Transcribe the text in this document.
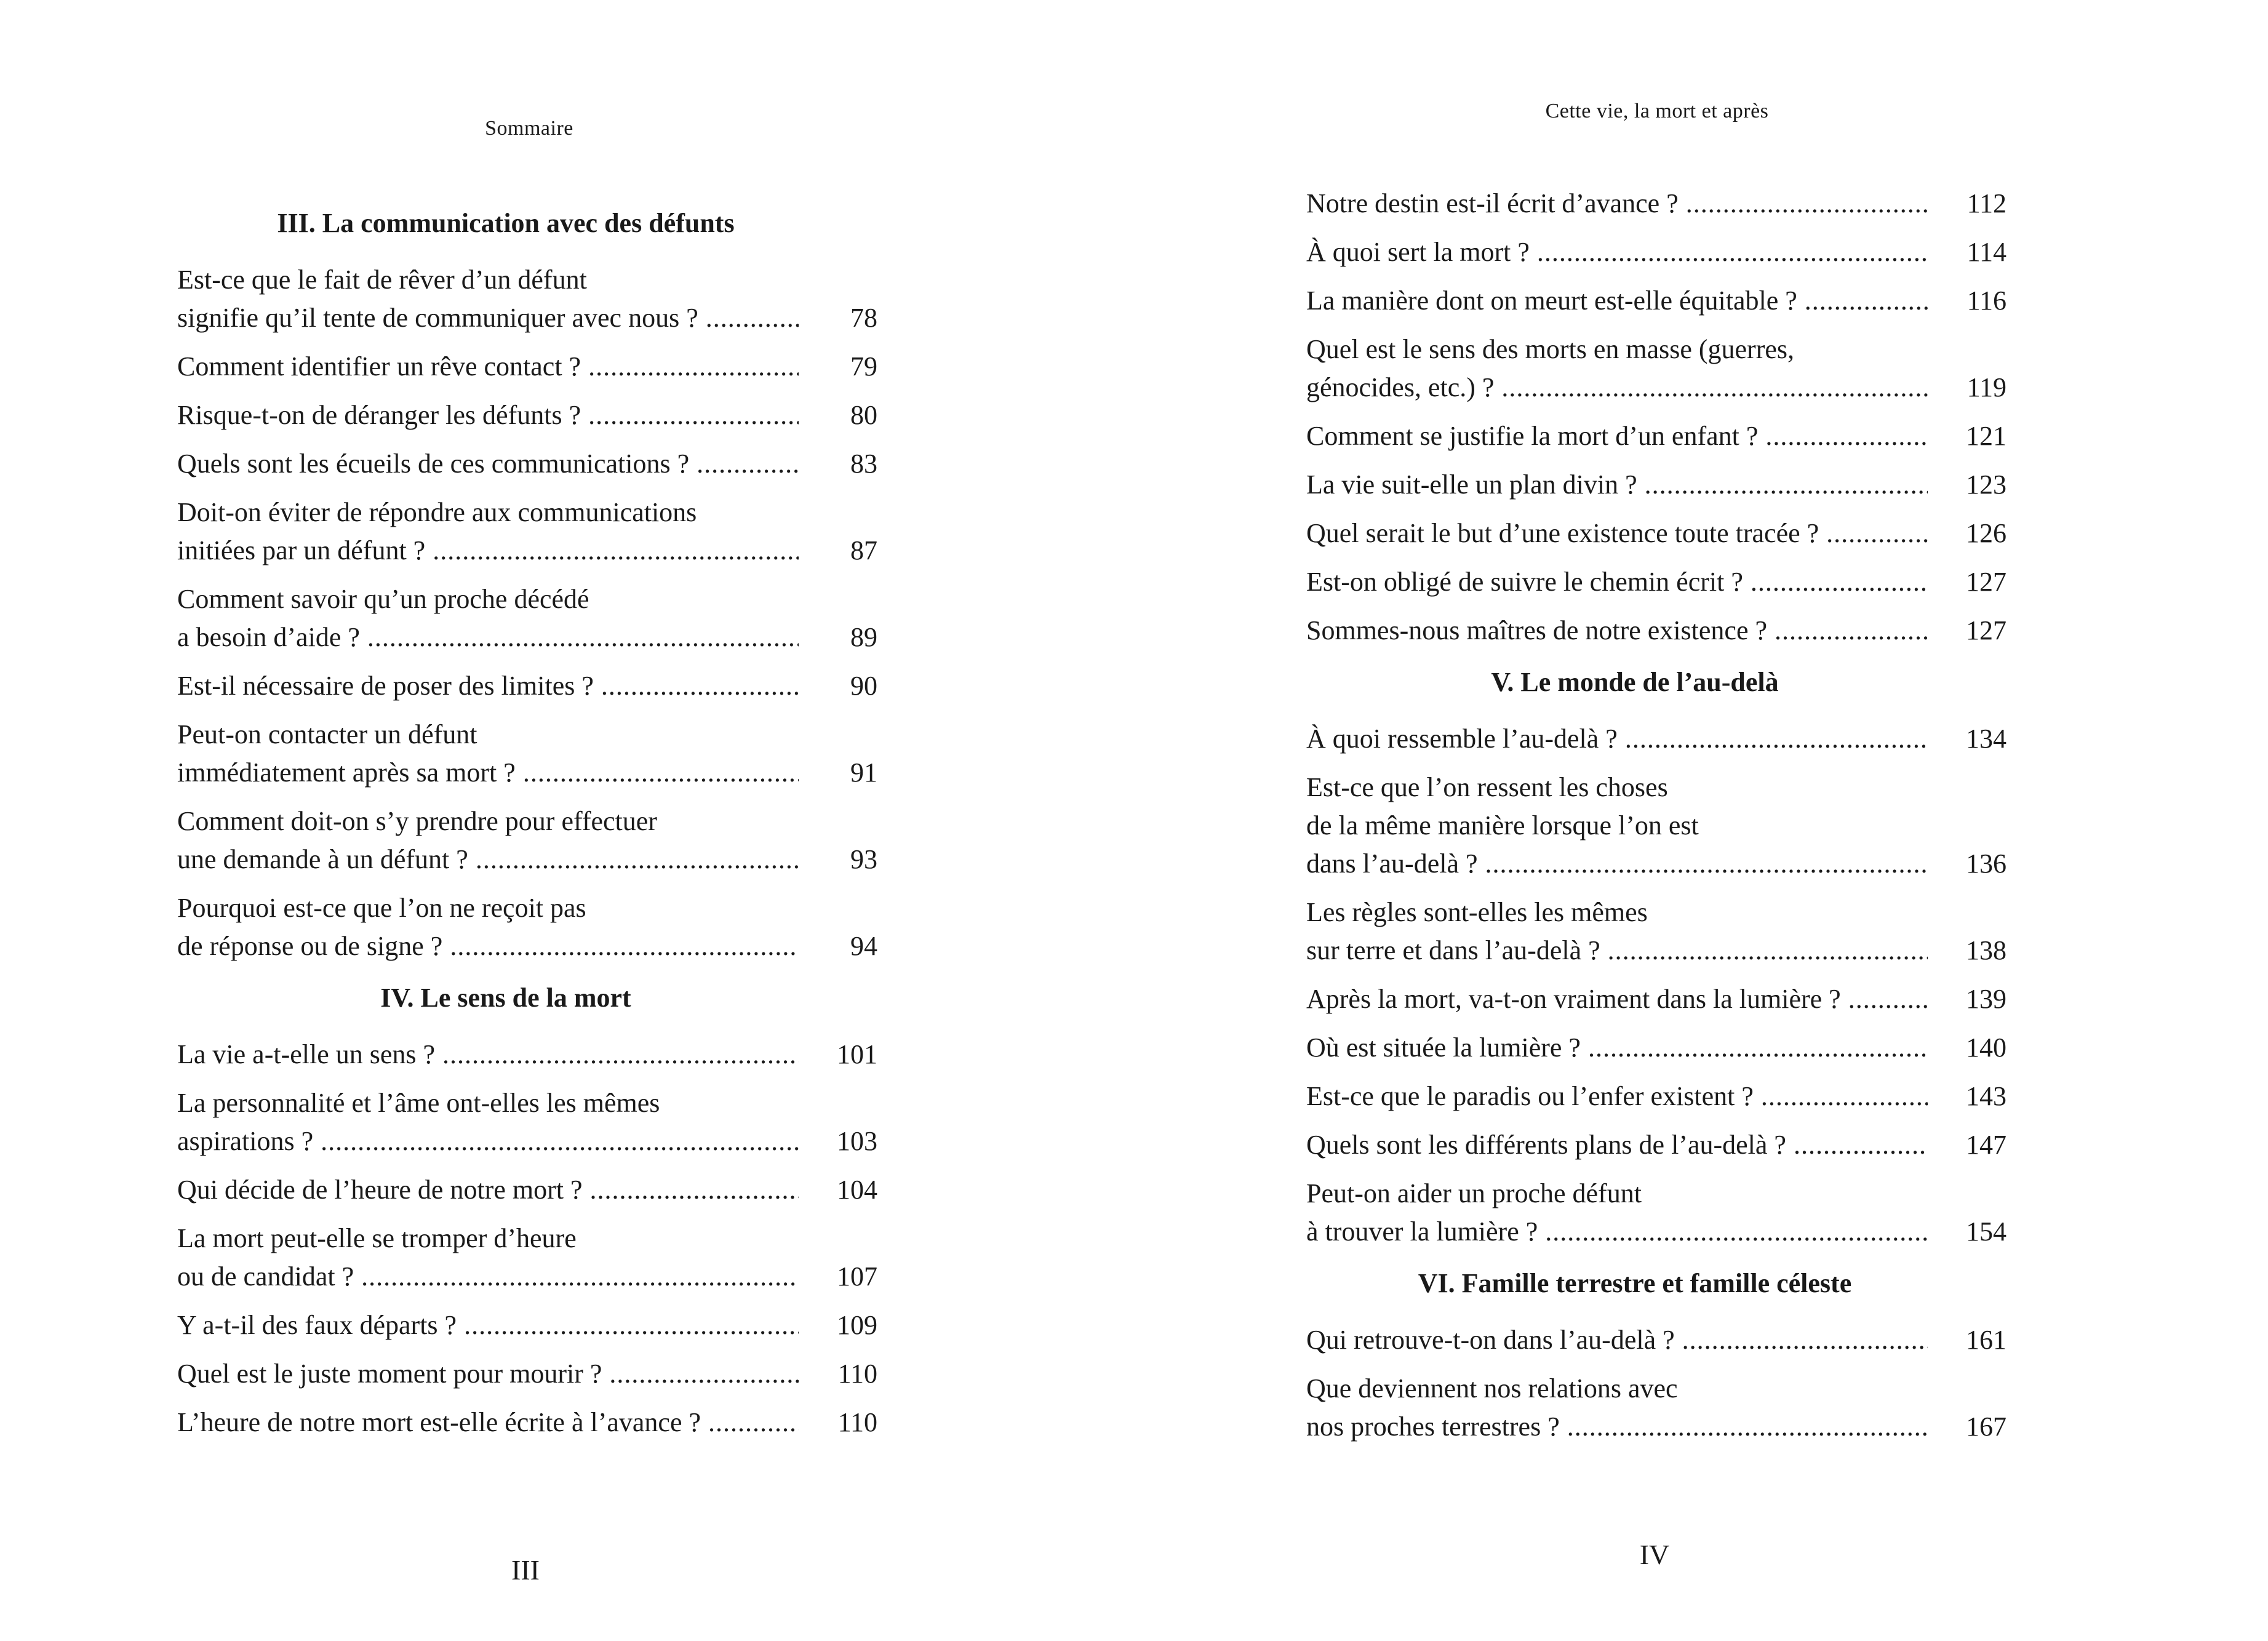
Sommaire
III. La communication avec des défunts
Est-ce que le fait de rêver d’un défunt
signifie qu’il tente de communiquer avec nous ? .....	78
Comment identifier un rêve contact ? .....	79
Risque-t-on de déranger les défunts ? .....	80
Quels sont les écueils de ces communications ? .....	83
Doit-on éviter de répondre aux communications
initiées par un défunt ? .....	87
Comment savoir qu’un proche décédé
a besoin d’aide ? .....	89
Est-il nécessaire de poser des limites ? .....	90
Peut-on contacter un défunt
immédiatement après sa mort ? .....	91
Comment doit-on s’y prendre pour effectuer
une demande à un défunt ? .....	93
Pourquoi est-ce que l’on ne reçoit pas
de réponse ou de signe ? .....	94
IV. Le sens de la mort
La vie a-t-elle un sens ? .....	101
La personnalité et l’âme ont-elles les mêmes
aspirations ? .....	103
Qui décide de l’heure de notre mort ? .....	104
La mort peut-elle se tromper d’heure
ou de candidat ? .....	107
Y a-t-il des faux départs ? .....	109
Quel est le juste moment pour mourir ? .....	110
L’heure de notre mort est-elle écrite à l’avance ? .....	110
III
Cette vie, la mort et après
Notre destin est-il écrit d’avance ? .....	112
À quoi sert la mort ? .....	114
La manière dont on meurt est-elle équitable ? .....	116
Quel est le sens des morts en masse (guerres,
génocides, etc.) ? .....	119
Comment se justifie la mort d’un enfant ? .....	121
La vie suit-elle un plan divin ? .....	123
Quel serait le but d’une existence toute tracée ? .....	126
Est-on obligé de suivre le chemin écrit ? .....	127
Sommes-nous maîtres de notre existence ? .....	127
V. Le monde de l’au-delà
À quoi ressemble l’au-delà ? .....	134
Est-ce que l’on ressent les choses
de la même manière lorsque l’on est
dans l’au-delà ? .....	136
Les règles sont-elles les mêmes
sur terre et dans l’au-delà ? .....	138
Après la mort, va-t-on vraiment dans la lumière ? .....	139
Où est située la lumière ? .....	140
Est-ce que le paradis ou l’enfer existent ? .....	143
Quels sont les différents plans de l’au-delà ? .....	147
Peut-on aider un proche défunt
à trouver la lumière ? .....	154
VI. Famille terrestre et famille céleste
Qui retrouve-t-on dans l’au-delà ? .....	161
Que deviennent nos relations avec
nos proches terrestres ? .....	167
IV
